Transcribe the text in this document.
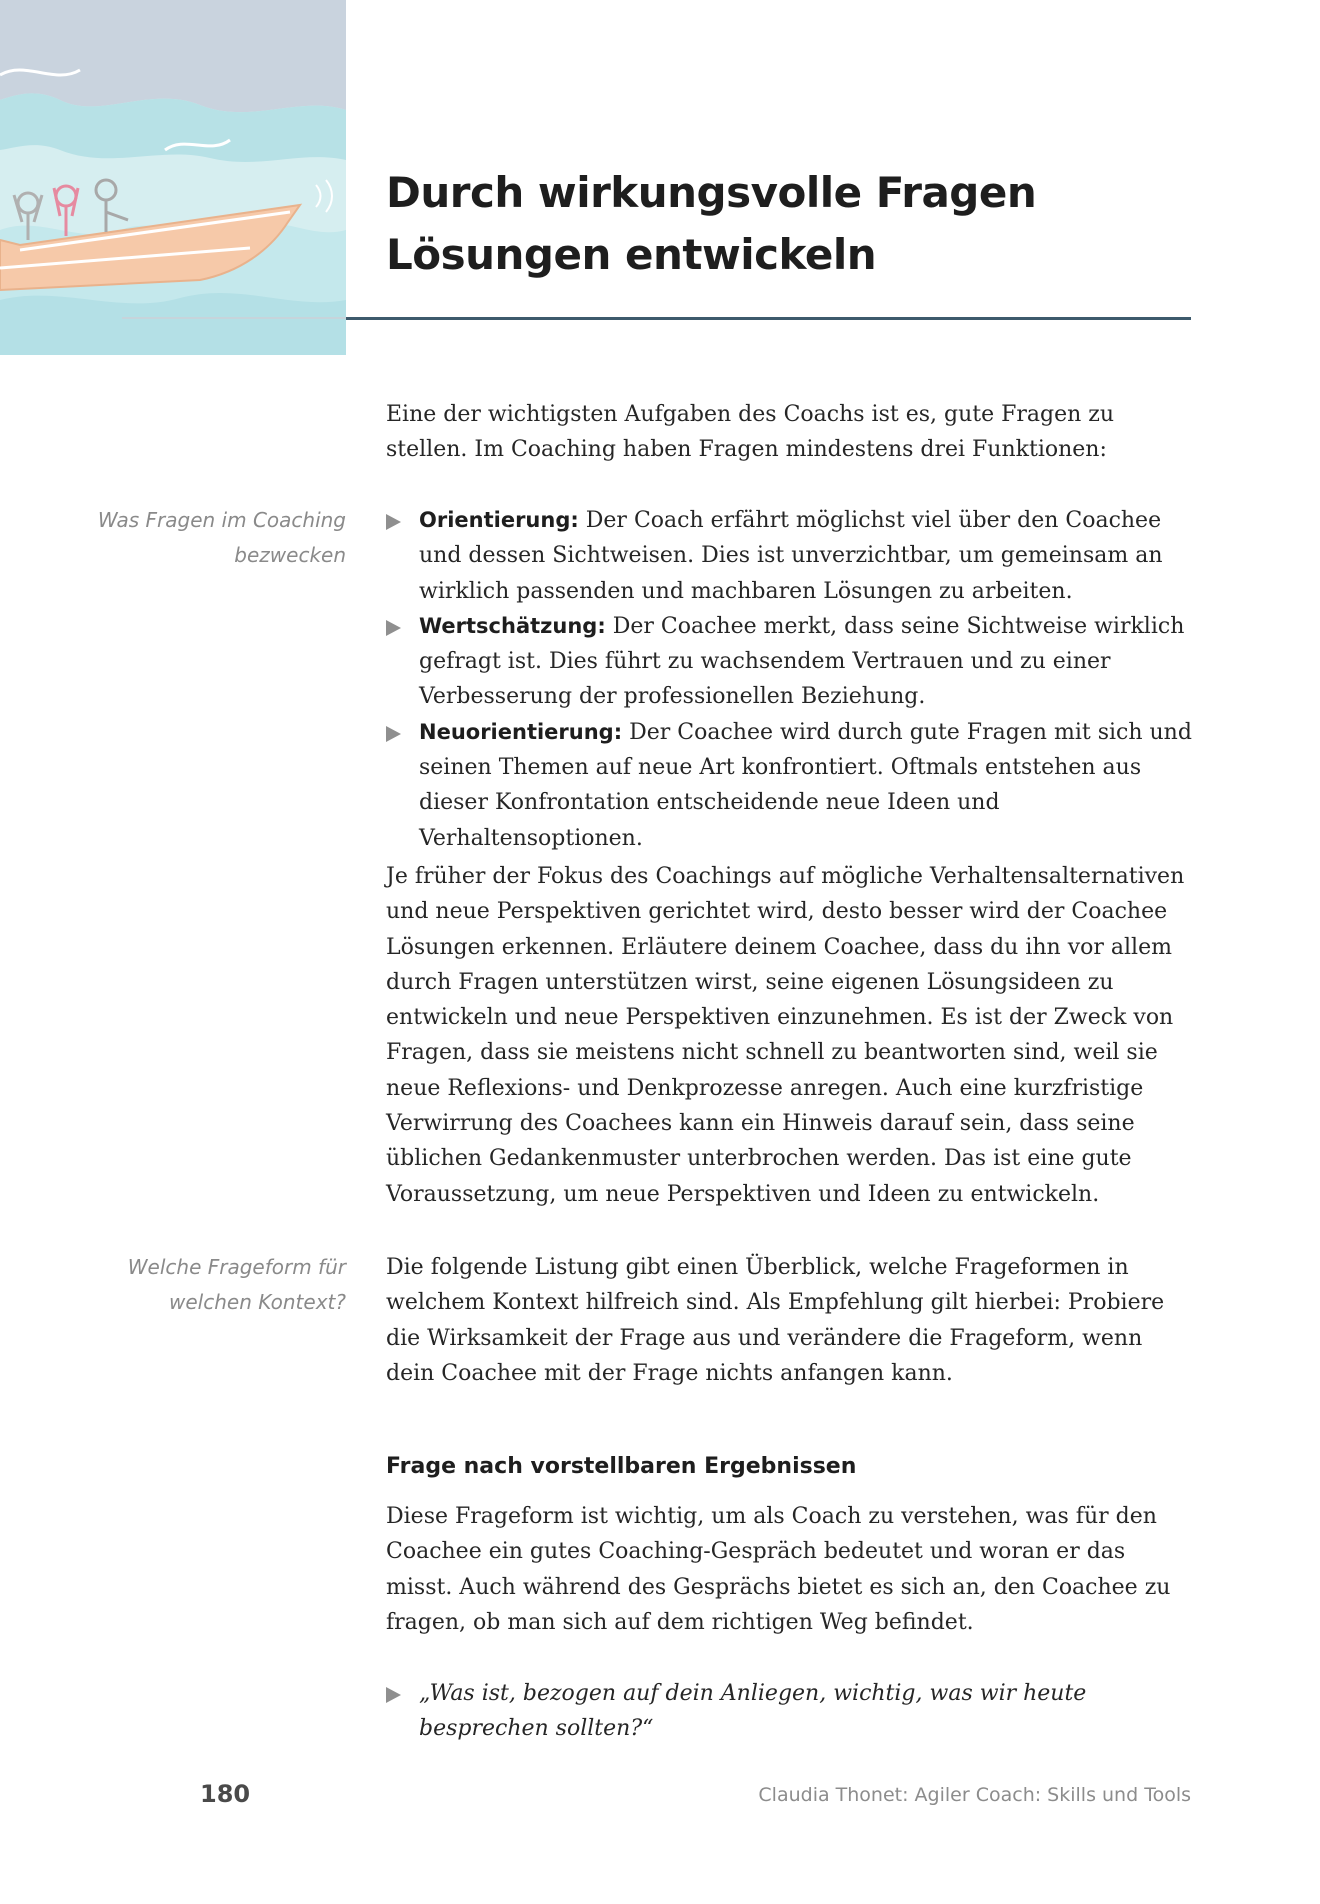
Durch wirkungsvolle Fragen Lösungen entwickeln

Eine der wichtigsten Aufgaben des Coachs ist es, gute Fragen zu stellen. Im Coaching haben Fragen mindestens drei Funktionen:

Was Fragen im Coaching bezwecken

Orientierung: Der Coach erfährt möglichst viel über den Coachee und dessen Sichtweisen. Dies ist unverzichtbar, um gemeinsam an wirklich passenden und machbaren Lösungen zu arbeiten.
Wertschätzung: Der Coachee merkt, dass seine Sichtweise wirklich gefragt ist. Dies führt zu wachsendem Vertrauen und zu einer Verbesserung der professionellen Beziehung.
Neuorientierung: Der Coachee wird durch gute Fragen mit sich und seinen Themen auf neue Art konfrontiert. Oftmals entstehen aus dieser Konfrontation entscheidende neue Ideen und Verhaltensoptionen.

Je früher der Fokus des Coachings auf mögliche Verhaltensalternativen und neue Perspektiven gerichtet wird, desto besser wird der Coachee Lösungen erkennen. Erläutere deinem Coachee, dass du ihn vor allem durch Fragen unterstützen wirst, seine eigenen Lösungsideen zu entwickeln und neue Perspektiven einzunehmen. Es ist der Zweck von Fragen, dass sie meistens nicht schnell zu beantworten sind, weil sie neue Reflexions- und Denkprozesse anregen. Auch eine kurzfristige Verwirrung des Coachees kann ein Hinweis darauf sein, dass seine üblichen Gedankenmuster unterbrochen werden. Das ist eine gute Voraussetzung, um neue Perspektiven und Ideen zu entwickeln.

Welche Frageform für welchen Kontext?

Die folgende Listung gibt einen Überblick, welche Frageformen in welchem Kontext hilfreich sind. Als Empfehlung gilt hierbei: Probiere die Wirksamkeit der Frage aus und verändere die Frageform, wenn dein Coachee mit der Frage nichts anfangen kann.

Frage nach vorstellbaren Ergebnissen

Diese Frageform ist wichtig, um als Coach zu verstehen, was für den Coachee ein gutes Coaching-Gespräch bedeutet und woran er das misst. Auch während des Gesprächs bietet es sich an, den Coachee zu fragen, ob man sich auf dem richtigen Weg befindet.

„Was ist, bezogen auf dein Anliegen, wichtig, was wir heute besprechen sollten?“

180	Claudia Thonet: Agiler Coach: Skills und Tools
